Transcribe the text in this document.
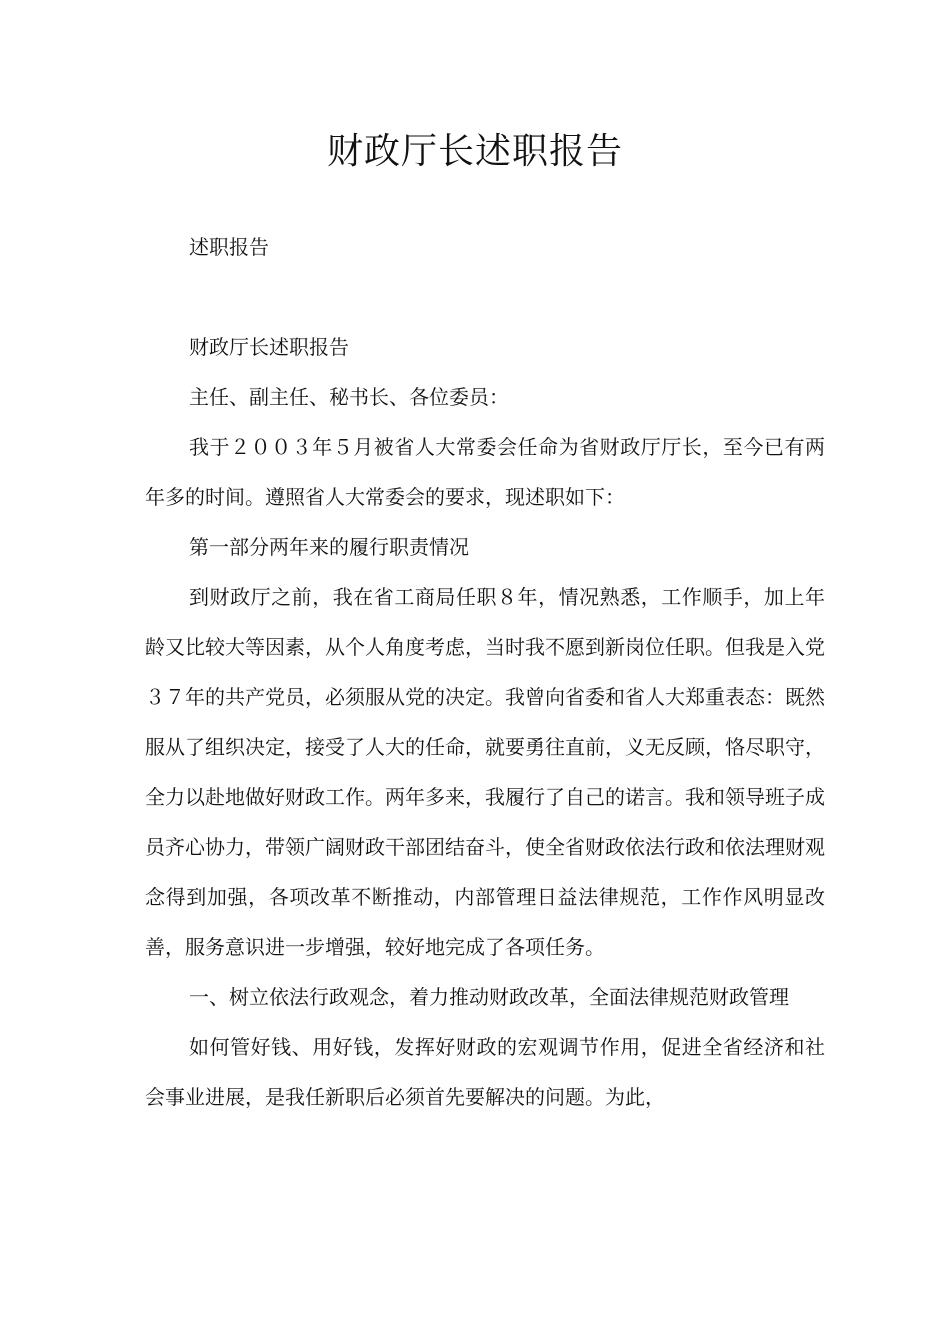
财政厅长述职报告

述职报告

财政厅长述职报告

主任、副主任、秘书长、各位委员：

我于２００３年５月被省人大常委会任命为省财政厅厅长，至今已有两年多的时间。遵照省人大常委会的要求，现述职如下：

第一部分两年来的履行职责情况

到财政厅之前，我在省工商局任职８年，情况熟悉，工作顺手，加上年龄又比较大等因素，从个人角度考虑，当时我不愿到新岗位任职。但我是入党３７年的共产党员，必须服从党的决定。我曾向省委和省人大郑重表态：既然服从了组织决定，接受了人大的任命，就要勇往直前，义无反顾，恪尽职守，全力以赴地做好财政工作。两年多来，我履行了自己的诺言。我和领导班子成员齐心协力，带领广阔财政干部团结奋斗，使全省财政依法行政和依法理财观念得到加强，各项改革不断推动，内部管理日益法律规范，工作作风明显改善，服务意识进一步增强，较好地完成了各项任务。

一、树立依法行政观念，着力推动财政改革，全面法律规范财政管理

如何管好钱、用好钱，发挥好财政的宏观调节作用，促进全省经济和社会事业进展，是我任新职后必须首先要解决的问题。为此，
